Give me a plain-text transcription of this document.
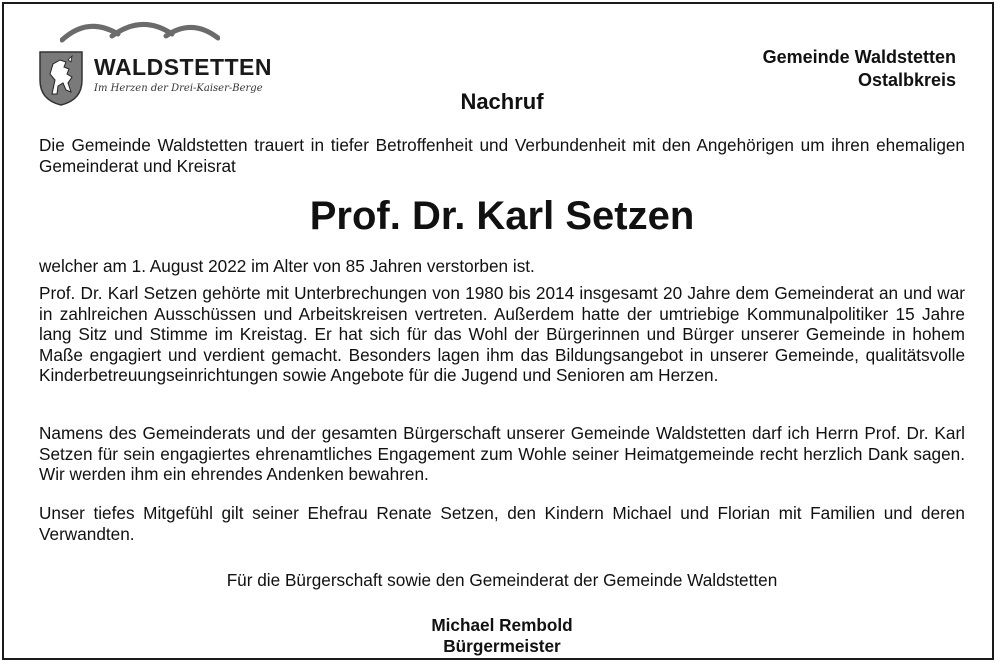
WALDSTETTEN
Im Herzen der Drei-Kaiser-Berge
Gemeinde Waldstetten
Ostalbkreis
Nachruf
Die Gemeinde Waldstetten trauert in tiefer Betroffenheit und Verbundenheit mit den Angehörigen um ihren ehemaligen Gemeinderat und Kreisrat
Prof. Dr. Karl Setzen
welcher am 1. August 2022 im Alter von 85 Jahren verstorben ist.
Prof. Dr. Karl Setzen gehörte mit Unterbrechungen von 1980 bis 2014 insgesamt 20 Jahre dem Gemeinderat an und war in zahlreichen Ausschüssen und Arbeitskreisen vertreten. Außerdem hatte der umtriebige Kommunalpolitiker 15 Jahre lang Sitz und Stimme im Kreistag. Er hat sich für das Wohl der Bürgerinnen und Bürger unserer Gemeinde in hohem Maße engagiert und verdient gemacht. Besonders lagen ihm das Bildungsangebot in unserer Gemeinde, qualitätsvolle Kinderbetreuungseinrichtungen sowie Angebote für die Jugend und Senioren am Herzen.
Namens des Gemeinderats und der gesamten Bürgerschaft unserer Gemeinde Waldstetten darf ich Herrn Prof. Dr. Karl Setzen für sein engagiertes ehrenamtliches Engagement zum Wohle seiner Heimatgemeinde recht herzlich Dank sagen. Wir werden ihm ein ehrendes Andenken bewahren.
Unser tiefes Mitgefühl gilt seiner Ehefrau Renate Setzen, den Kindern Michael und Florian mit Familien und deren Verwandten.
Für die Bürgerschaft sowie den Gemeinderat der Gemeinde Waldstetten
Michael Rembold
Bürgermeister
